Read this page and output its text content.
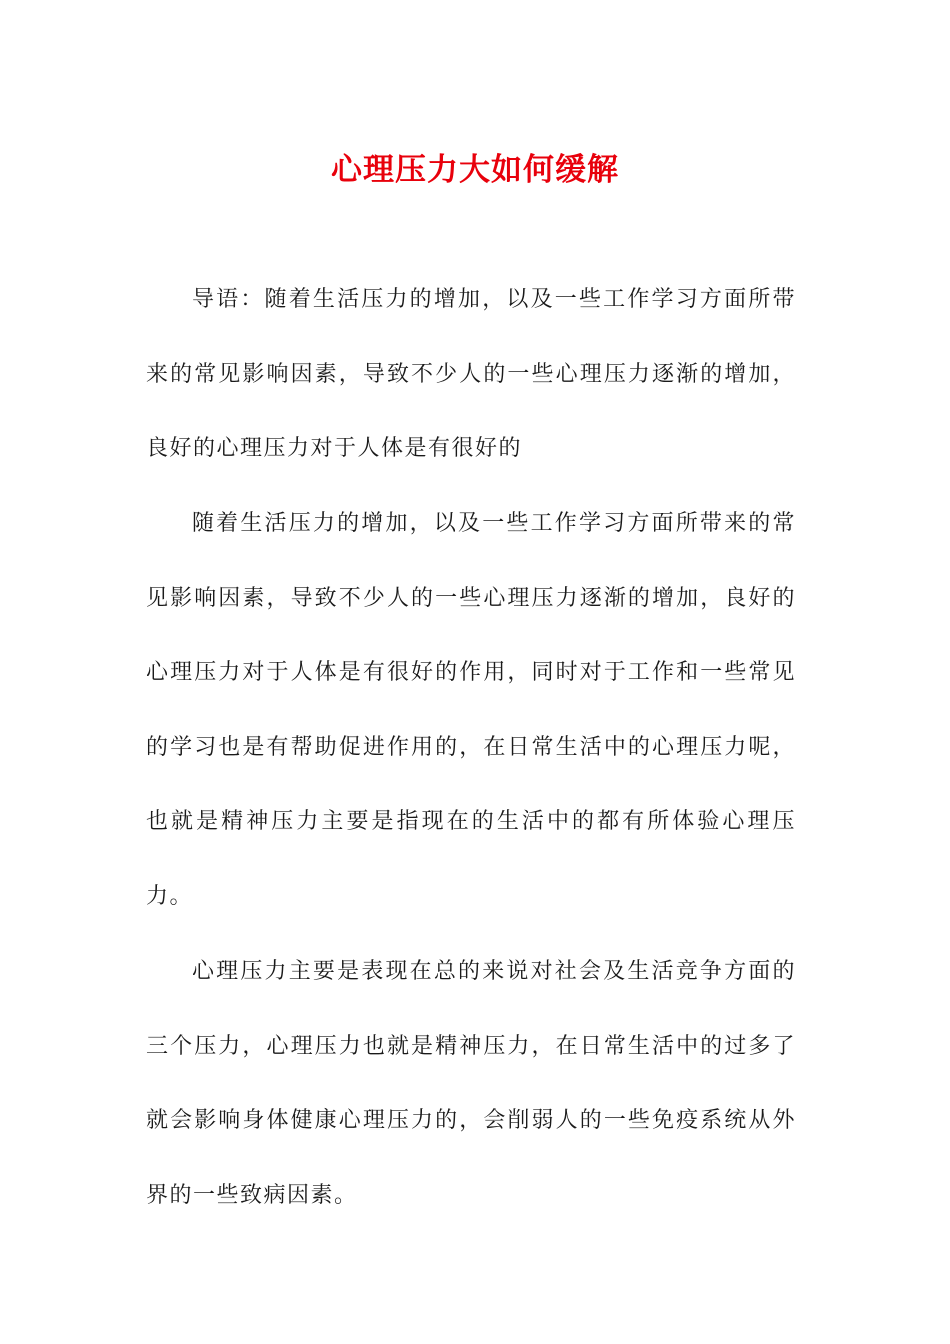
心理压力大如何缓解

导语：随着生活压力的增加，以及一些工作学习方面所带来的常见影响因素，导致不少人的一些心理压力逐渐的增加，良好的心理压力对于人体是有很好的

随着生活压力的增加，以及一些工作学习方面所带来的常见影响因素，导致不少人的一些心理压力逐渐的增加，良好的心理压力对于人体是有很好的作用，同时对于工作和一些常见的学习也是有帮助促进作用的，在日常生活中的心理压力呢，也就是精神压力主要是指现在的生活中的都有所体验心理压力。

心理压力主要是表现在总的来说对社会及生活竞争方面的三个压力，心理压力也就是精神压力，在日常生活中的过多了就会影响身体健康心理压力的，会削弱人的一些免疫系统从外界的一些致病因素。
